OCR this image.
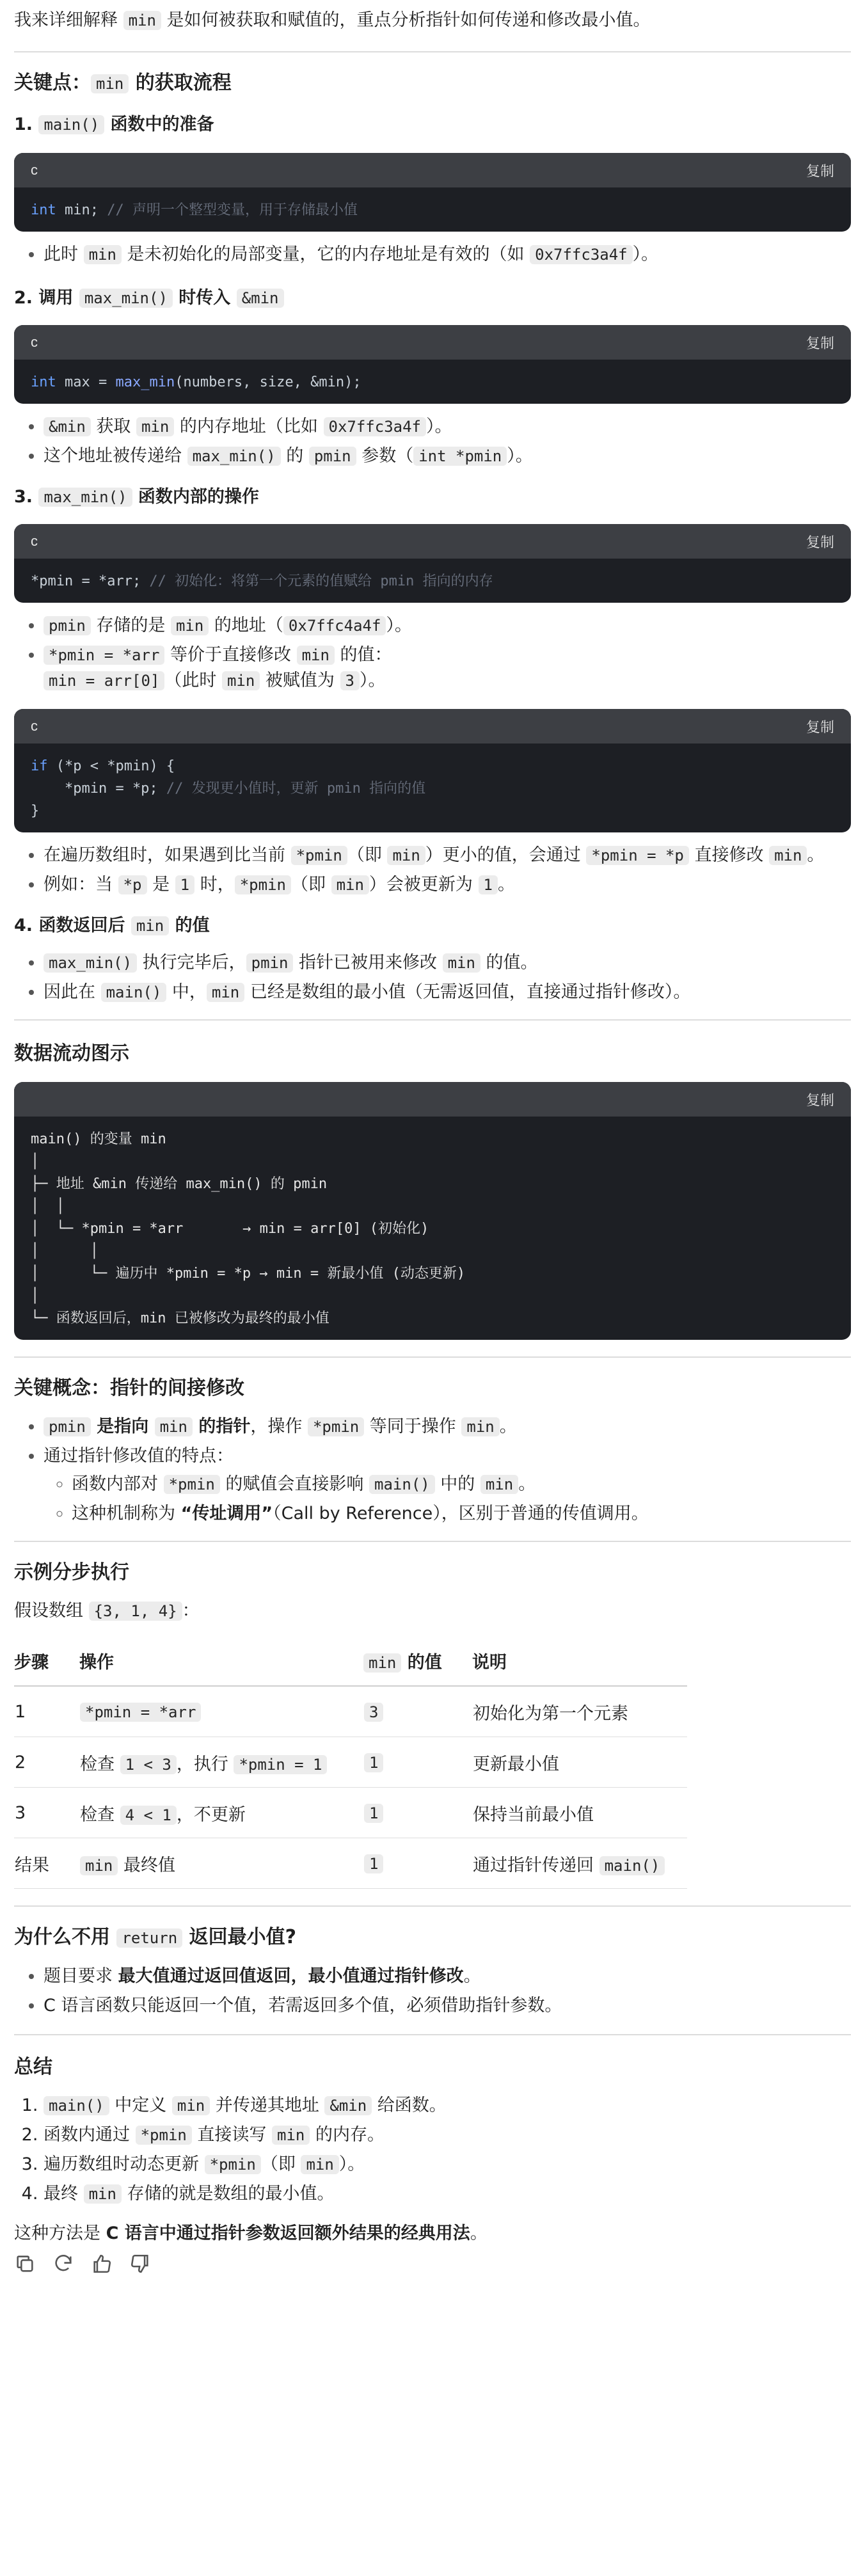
我来详细解释 min 是如何被获取和赋值的，重点分析指针如何传递和修改最小值。

关键点： min 的获取流程
1. main() 函数中的准备
c	复制
int min; // 声明一个整型变量，用于存储最小值
• 此时 min 是未初始化的局部变量，它的内存地址是有效的（如 0x7ffc3a4f ）。
2. 调用 max_min() 时传入 &min
c	复制
int max = max_min(numbers, size, &min);
• &min 获取 min 的内存地址（比如 0x7ffc3a4f ）。
• 这个地址被传递给 max_min() 的 pmin 参数（ int *pmin ）。
3. max_min() 函数内部的操作
c	复制
*pmin = *arr; // 初始化：将第一个元素的值赋给 pmin 指向的内存
• pmin 存储的是 min 的地址（ 0x7ffc4a4f ）。
• *pmin = *arr 等价于直接修改 min 的值：
min = arr[0] （此时 min 被赋值为 3 ）。
c	复制
if (*p < *pmin) {
*pmin = *p; // 发现更小值时，更新 pmin 指向的值
}
• 在遍历数组时，如果遇到比当前 *pmin （即 min ）更小的值，会通过 *pmin = *p 直接修改 min 。
• 例如：当 *p 是 1 时， *pmin （即 min ）会被更新为 1 。
4. 函数返回后 min 的值
• max_min() 执行完毕后， pmin 指针已被用来修改 min 的值。
• 因此在 main() 中， min 已经是数组的最小值（无需返回值，直接通过指针修改）。
数据流动图示
复制
main() 的变量 min
│
├─ 地址 &min 传递给 max_min() 的 pmin
│  │
│  └─ *pmin = *arr       → min = arr[0] (初始化)
│      │
│      └─ 遍历中 *pmin = *p → min = 新最小值 (动态更新)
│
└─ 函数返回后，min 已被修改为最终的最小值
关键概念：指针的间接修改
• pmin 是指向 min 的指针，操作 *pmin 等同于操作 min 。
• 通过指针修改值的特点：
◦ 函数内部对 *pmin 的赋值会直接影响 main() 中的 min 。
◦ 这种机制称为 “传址调用”（Call by Reference），区别于普通的传值调用。
示例分步执行

假设数组 {3, 1, 4} ：

步骤	操作	min 的值	说明
1	*pmin = *arr	3	初始化为第一个元素
2	检查 1 < 3 ，执行 *pmin = 1	1	更新最小值
3	检查 4 < 1 ，不更新	1	保持当前最小值
结果	min 最终值	1	通过指针传递回 main()
为什么不用 return 返回最小值?
• 题目要求 最大值通过返回值返回，最小值通过指针修改。
• C 语言函数只能返回一个值，若需返回多个值，必须借助指针参数。
总结
1. main() 中定义 min 并传递其地址 &min 给函数。
2. 函数内通过 *pmin 直接读写 min 的内存。
3. 遍历数组时动态更新 *pmin （即 min ）。
4. 最终 min 存储的就是数组的最小值。

这种方法是 C 语言中通过指针参数返回额外结果的经典用法。
